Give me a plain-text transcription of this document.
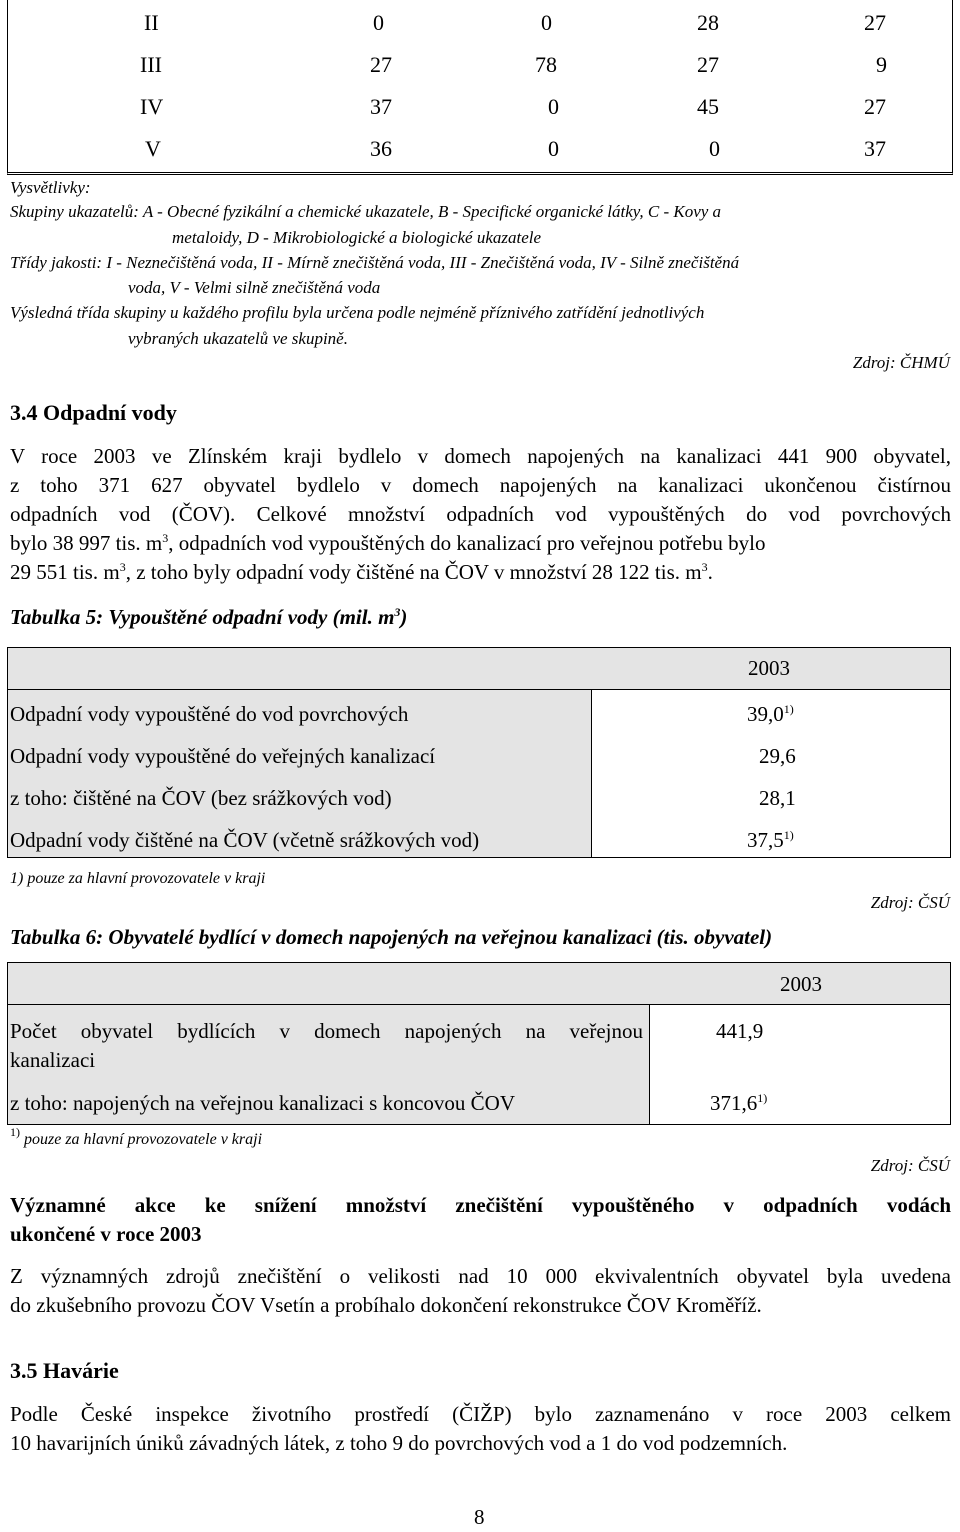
II	0	0	28	27
III	27	78	27	9
IV	37	0	45	27
V	36	0	0	37
Vysvětlivky:
Skupiny ukazatelů: A - Obecné fyzikální a chemické ukazatele, B - Specifické organické látky, C - Kovy a
metaloidy, D - Mikrobiologické a biologické ukazatele
Třídy jakosti: I - Neznečištěná voda, II - Mírně znečištěná voda, III - Znečištěná voda, IV - Silně znečištěná
voda, V - Velmi silně znečištěná voda
Výsledná třída skupiny u každého profilu byla určena podle nejméně příznivého zatřídění jednotlivých
vybraných ukazatelů ve skupině.
Zdroj: ČHMÚ
3.4 Odpadní vody
V roce 2003 ve Zlínském kraji bydlelo v domech napojených na kanalizaci 441 900 obyvatel,
z toho 371 627 obyvatel bydlelo v domech napojených na kanalizaci ukončenou čistírnou
odpadních vod (ČOV). Celkové množství odpadních vod vypouštěných do vod povrchových
bylo 38 997 tis. $m^3$, odpadních vod vypouštěných do kanalizací pro veřejnou potřebu bylo
29 551 tis. $m^3$, z toho byly odpadní vody čištěné na ČOV v množství 28 122 tis. $m^3$.
Tabulka 5: Vypouštěné odpadní vody (mil. $m^3$)
2003
Odpadní vody vypouštěné do vod povrchových	39,0$^{1)}$
Odpadní vody vypouštěné do veřejných kanalizací	29,6
z toho: čištěné na ČOV (bez srážkových vod)	28,1
Odpadní vody čištěné na ČOV (včetně srážkových vod)	37,5$^{1)}$
1) pouze za hlavní provozovatele v kraji
Zdroj: ČSÚ
Tabulka 6: Obyvatelé bydlící v domech napojených na veřejnou kanalizaci (tis. obyvatel)
2003
Počet obyvatel bydlících v domech napojených na veřejnou
kanalizaci
441,9
z toho: napojených na veřejnou kanalizaci s koncovou ČOV	371,6$^{1)}$
$^{1)}$ pouze za hlavní provozovatele v kraji
Zdroj: ČSÚ
Významné akce ke snížení množství znečištění vypouštěného v odpadních vodách
ukončené v roce 2003
Z významných zdrojů znečištění o velikosti nad 10 000 ekvivalentních obyvatel byla uvedena
do zkušebního provozu ČOV Vsetín a probíhalo dokončení rekonstrukce ČOV Kroměříž.
3.5 Havárie
Podle České inspekce životního prostředí (ČIŽP) bylo zaznamenáno v roce 2003 celkem
10 havarijních úniků závadných látek, z toho 9 do povrchových vod a 1 do vod podzemních.
8
